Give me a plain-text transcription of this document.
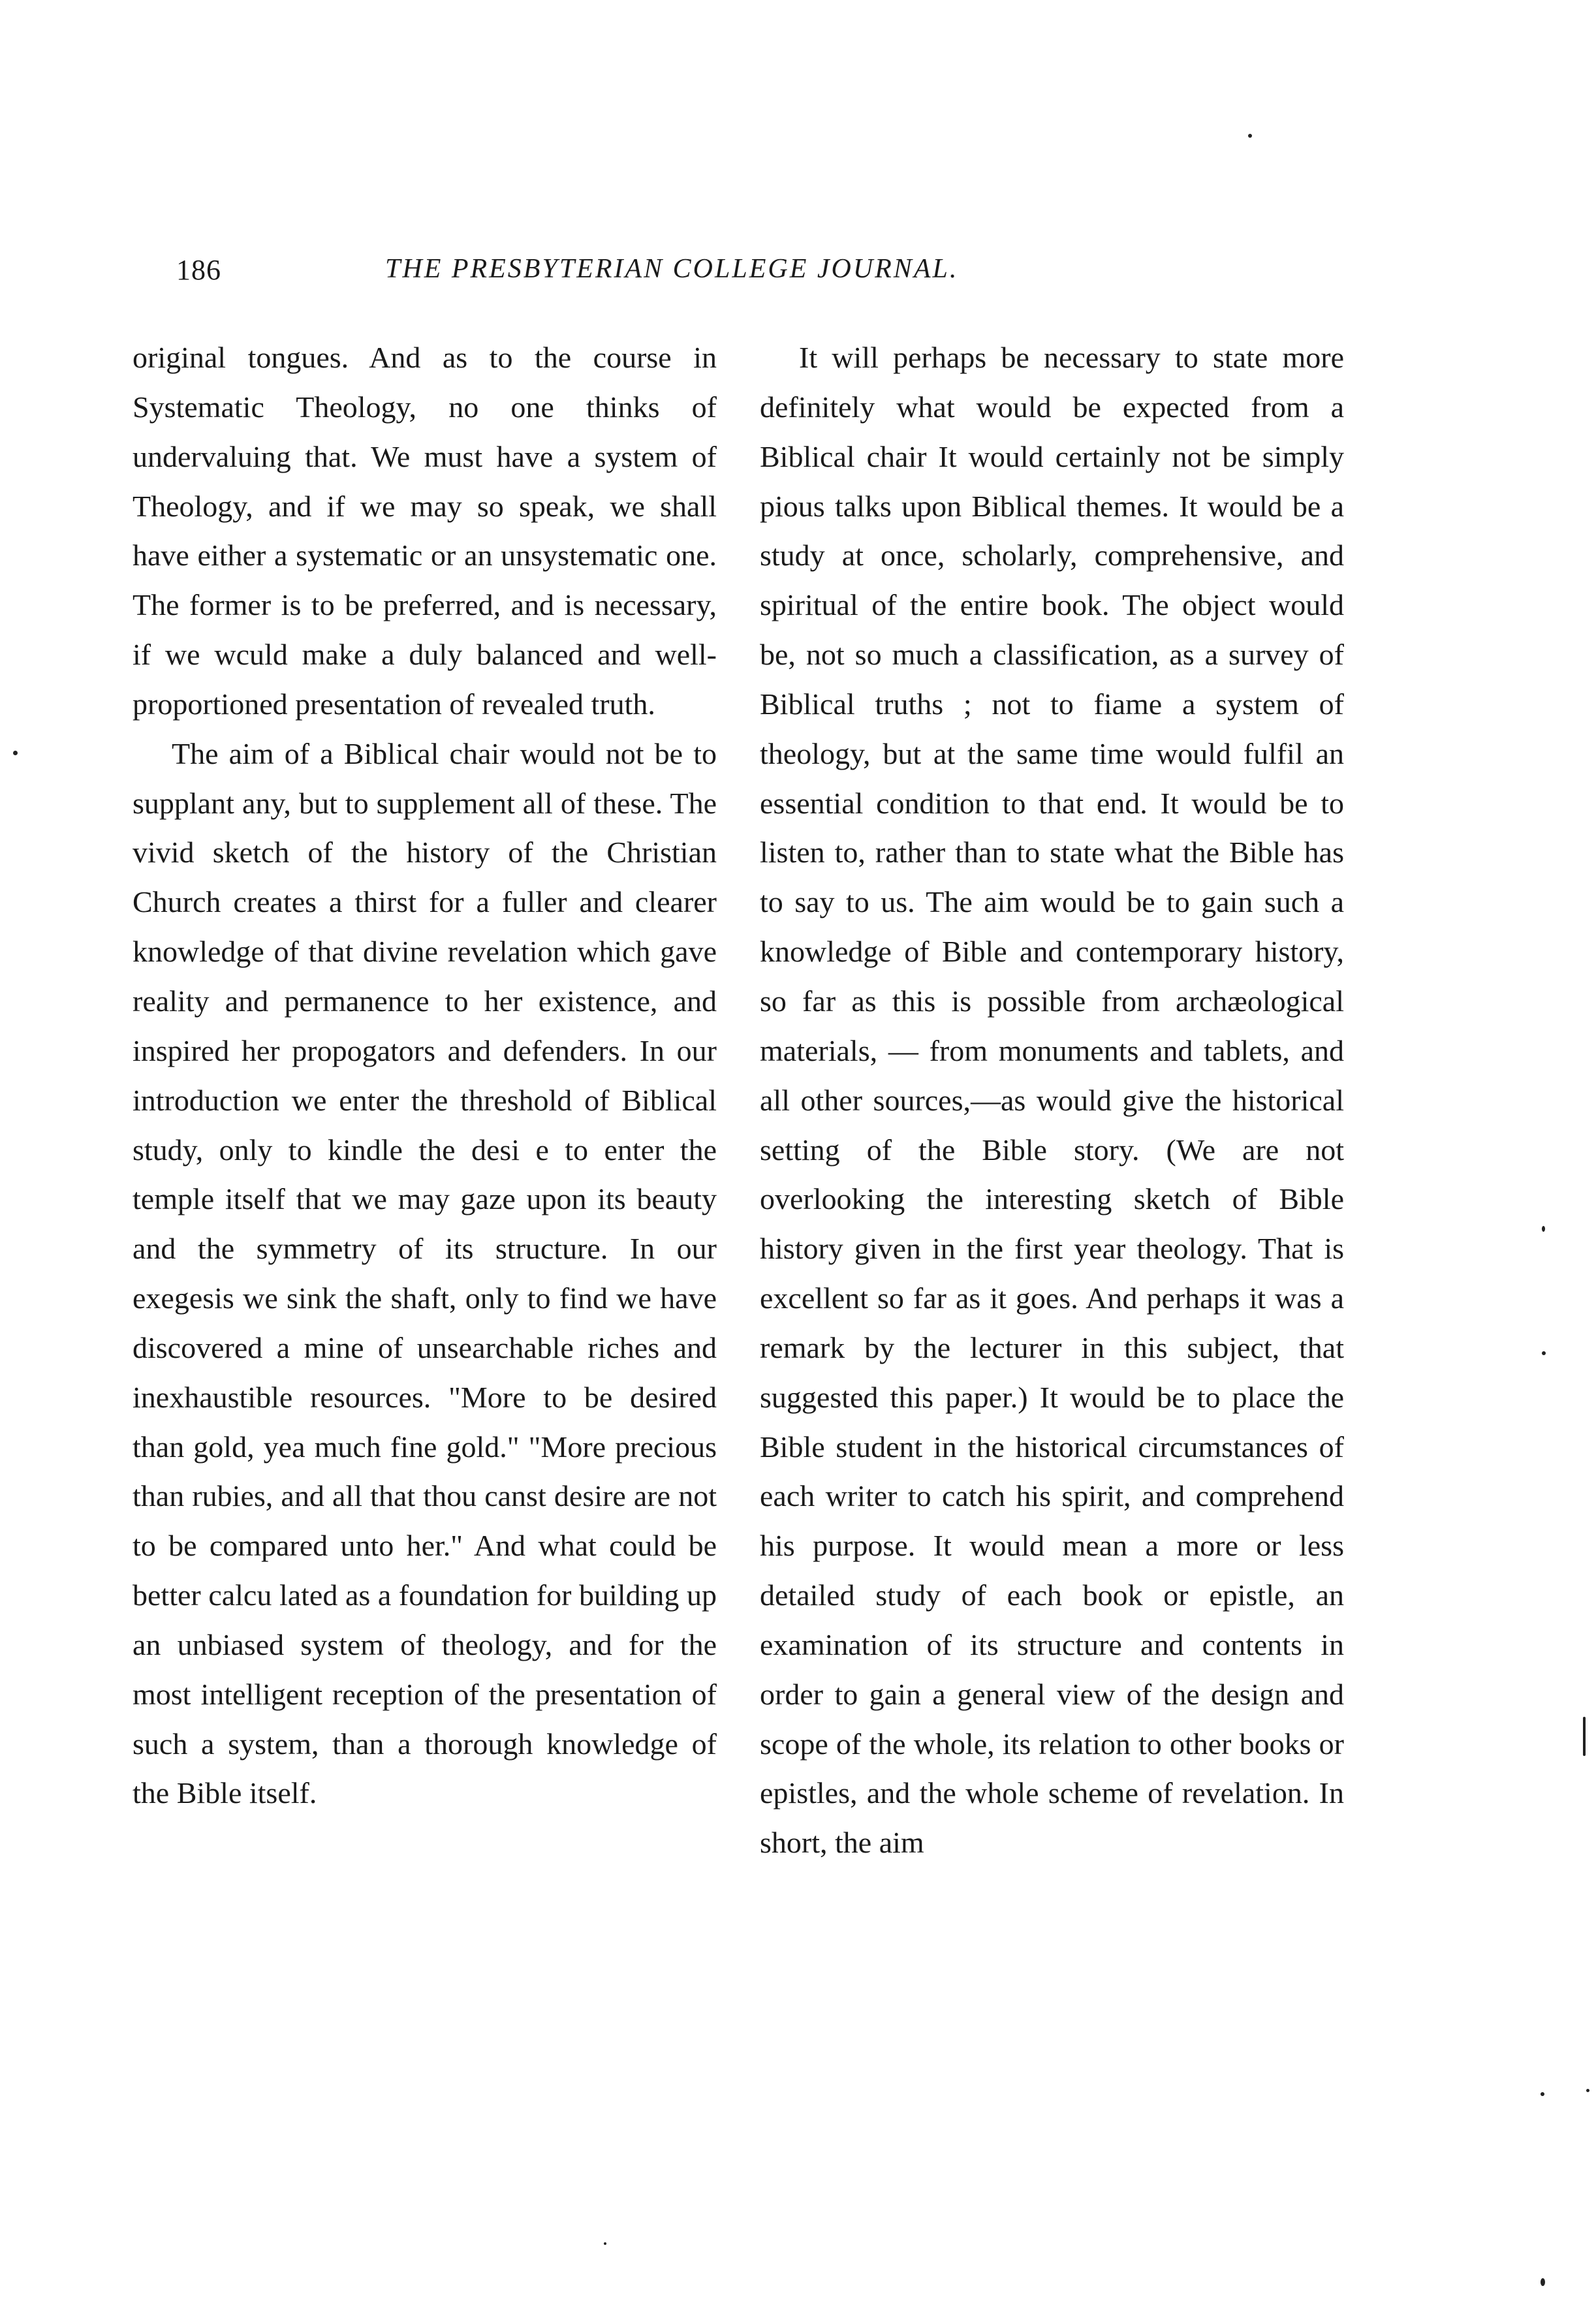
186	THE PRESBYTERIAN COLLEGE JOURNAL.

original tongues. And as to the course in Systematic Theology, no one thinks of undervaluing that. We must have a system of Theology, and if we may so speak, we shall have either a systematic or an unsystematic one. The former is to be preferred, and is necessary, if we wculd make a duly balanced and well-proportioned presentation of revealed truth.

The aim of a Biblical chair would not be to supplant any, but to supplement all of these. The vivid sketch of the history of the Christian Church creates a thirst for a fuller and clearer knowledge of that divine revelation which gave reality and permanence to her existence, and inspired her propogators and defenders. In our introduction we enter the threshold of Biblical study, only to kindle the desi e to enter the temple itself that we may gaze upon its beauty and the symmetry of its structure. In our exegesis we sink the shaft, only to find we have discovered a mine of unsearchable riches and inexhaustible resources. "More to be desired than gold, yea much fine gold." "More precious than rubies, and all that thou canst desire are not to be compared unto her." And what could be better calcu lated as a foundation for building up an unbiased system of theology, and for the most intelligent reception of the presentation of such a system, than a thorough knowledge of the Bible itself.

It will perhaps be necessary to state more definitely what would be expected from a Biblical chair It would certainly not be simply pious talks upon Biblical themes. It would be a study at once, scholarly, comprehensive, and spiritual of the entire book. The object would be, not so much a classification, as a survey of Biblical truths ; not to fiame a system of theology, but at the same time would fulfil an essential condition to that end. It would be to listen to, rather than to state what the Bible has to say to us. The aim would be to gain such a knowledge of Bible and contemporary history, so far as this is possible from archæological materials, — from monuments and tablets, and all other sources,—as would give the historical setting of the Bible story. (We are not overlooking the interesting sketch of Bible history given in the first year theology. That is excellent so far as it goes. And perhaps it was a remark by the lecturer in this subject, that suggested this paper.) It would be to place the Bible student in the historical circumstances of each writer to catch his spirit, and comprehend his purpose. It would mean a more or less detailed study of each book or epistle, an examination of its structure and contents in order to gain a general view of the design and scope of the whole, its relation to other books or epistles, and the whole scheme of revelation. In short, the aim
